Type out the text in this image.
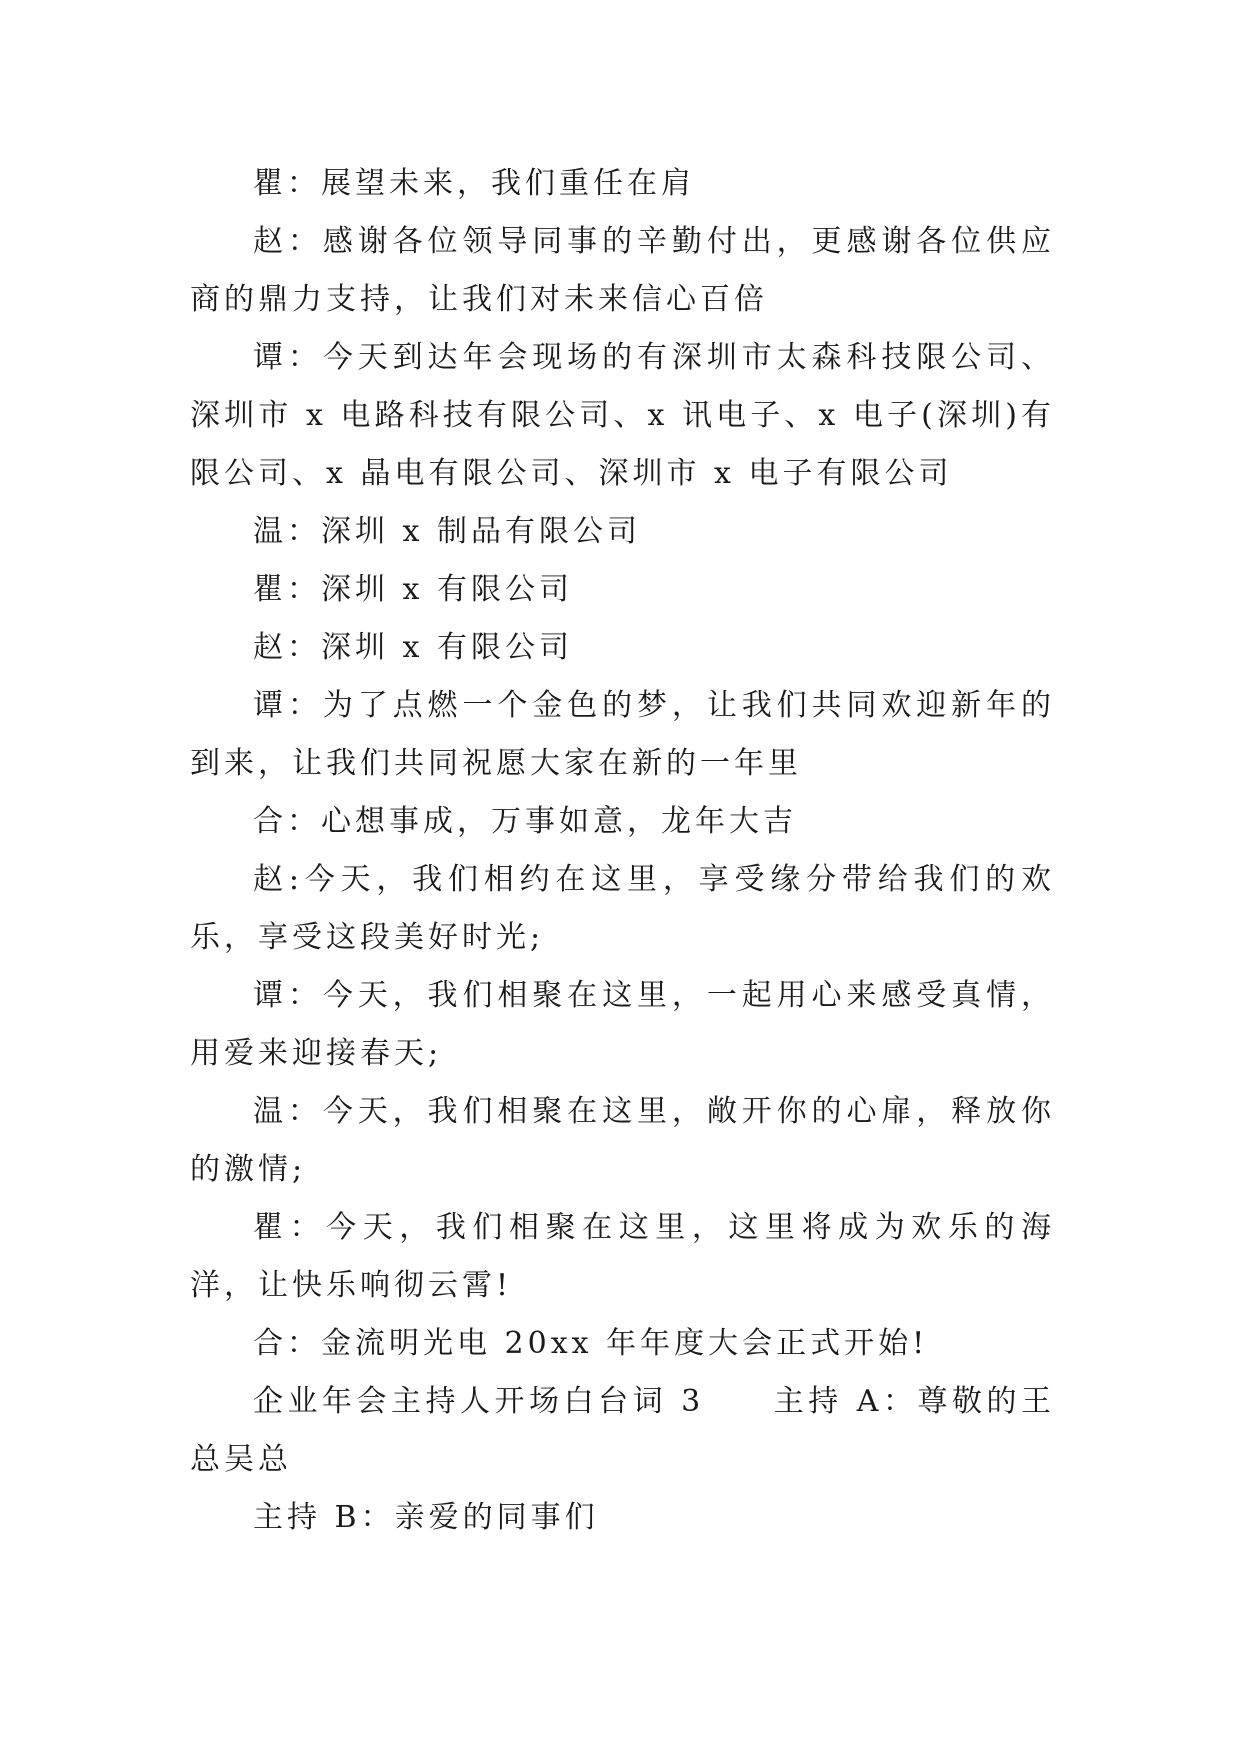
瞿：展望未来，我们重任在肩

赵：感谢各位领导同事的辛勤付出，更感谢各位供应商的鼎力支持，让我们对未来信心百倍

谭：今天到达年会现场的有深圳市太森科技限公司、深圳市 x 电路科技有限公司、x 讯电子、x 电子(深圳)有限公司、x 晶电有限公司、深圳市 x 电子有限公司

温：深圳 x 制品有限公司

瞿：深圳 x 有限公司

赵：深圳 x 有限公司

谭：为了点燃一个金色的梦，让我们共同欢迎新年的到来，让我们共同祝愿大家在新的一年里

合：心想事成，万事如意，龙年大吉

赵:今天，我们相约在这里，享受缘分带给我们的欢乐，享受这段美好时光;

谭：今天，我们相聚在这里，一起用心来感受真情，用爱来迎接春天;

温：今天，我们相聚在这里，敞开你的心扉，释放你的激情;

瞿：今天，我们相聚在这里，这里将成为欢乐的海洋，让快乐响彻云霄!

合：金流明光电 20xx 年年度大会正式开始!

企业年会主持人开场白台词 3　　主持 A：尊敬的王总吴总

主持 B：亲爱的同事们
